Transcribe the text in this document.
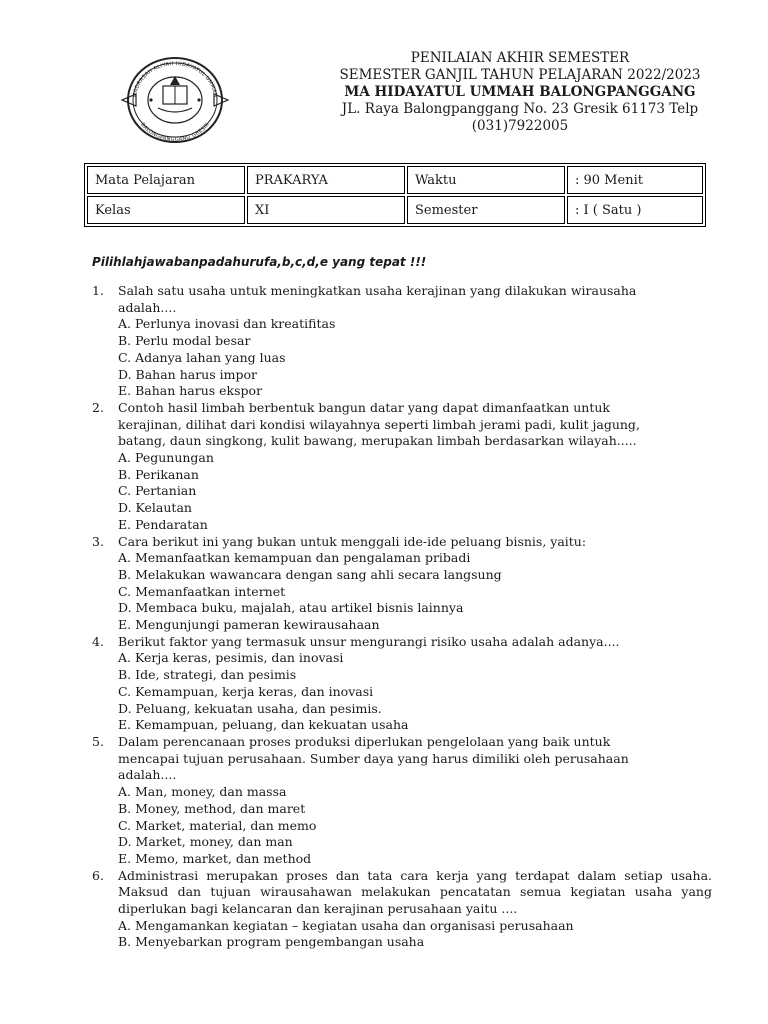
MADRASAH ALIYAH HIDAYATUL UMMAH
BALONGPANGGANG GRESIK
PENILAIAN AKHIR SEMESTER
SEMESTER GANJIL TAHUN PELAJARAN 2022/2023
MA HIDAYATUL UMMAH BALONGPANGGANG
JL. Raya Balongpanggang No. 23 Gresik 61173 Telp
(031)7922005
Mata Pelajaran	PRAKARYA	Waktu	: 90 Menit
Kelas	XI	Semester	: I ( Satu )
Pilihlahjawabanpadahurufa,b,c,d,e yang tepat !!!
1. Salah satu usaha untuk meningkatkan usaha kerajinan yang dilakukan wirausaha
adalah....
A. Perlunya inovasi dan kreatifitas
B. Perlu modal besar
C. Adanya lahan yang luas
D. Bahan harus impor
E. Bahan harus ekspor
2. Contoh hasil limbah berbentuk bangun datar yang dapat dimanfaatkan untuk
kerajinan, dilihat dari kondisi wilayahnya seperti limbah jerami padi, kulit jagung,
batang, daun singkong, kulit bawang, merupakan limbah berdasarkan wilayah.....
A. Pegunungan
B. Perikanan
C. Pertanian
D. Kelautan
E. Pendaratan
3. Cara berikut ini yang bukan untuk menggali ide-ide peluang bisnis, yaitu:
A. Memanfaatkan kemampuan dan pengalaman pribadi
B. Melakukan wawancara dengan sang ahli secara langsung
C. Memanfaatkan internet
D. Membaca buku, majalah, atau artikel bisnis lainnya
E. Mengunjungi pameran kewirausahaan
4. Berikut faktor yang termasuk unsur mengurangi risiko usaha adalah adanya....
A. Kerja keras, pesimis, dan inovasi
B. Ide, strategi, dan pesimis
C. Kemampuan, kerja keras, dan inovasi
D. Peluang, kekuatan usaha, dan pesimis.
E. Kemampuan, peluang, dan kekuatan usaha
5. Dalam perencanaan proses produksi diperlukan pengelolaan yang baik untuk
mencapai tujuan perusahaan. Sumber daya yang harus dimiliki oleh perusahaan
adalah....
A. Man, money, dan massa
B. Money, method, dan maret
C. Market, material, dan memo
D. Market, money, dan man
E. Memo, market, dan method
6. Administrasi merupakan proses dan tata cara kerja yang terdapat dalam setiap usaha. Maksud dan tujuan wirausahawan melakukan pencatatan semua kegiatan usaha yang diperlukan bagi kelancaran dan kerajinan perusahaan yaitu ....
A. Mengamankan kegiatan – kegiatan usaha dan organisasi perusahaan
B. Menyebarkan program pengembangan usaha
